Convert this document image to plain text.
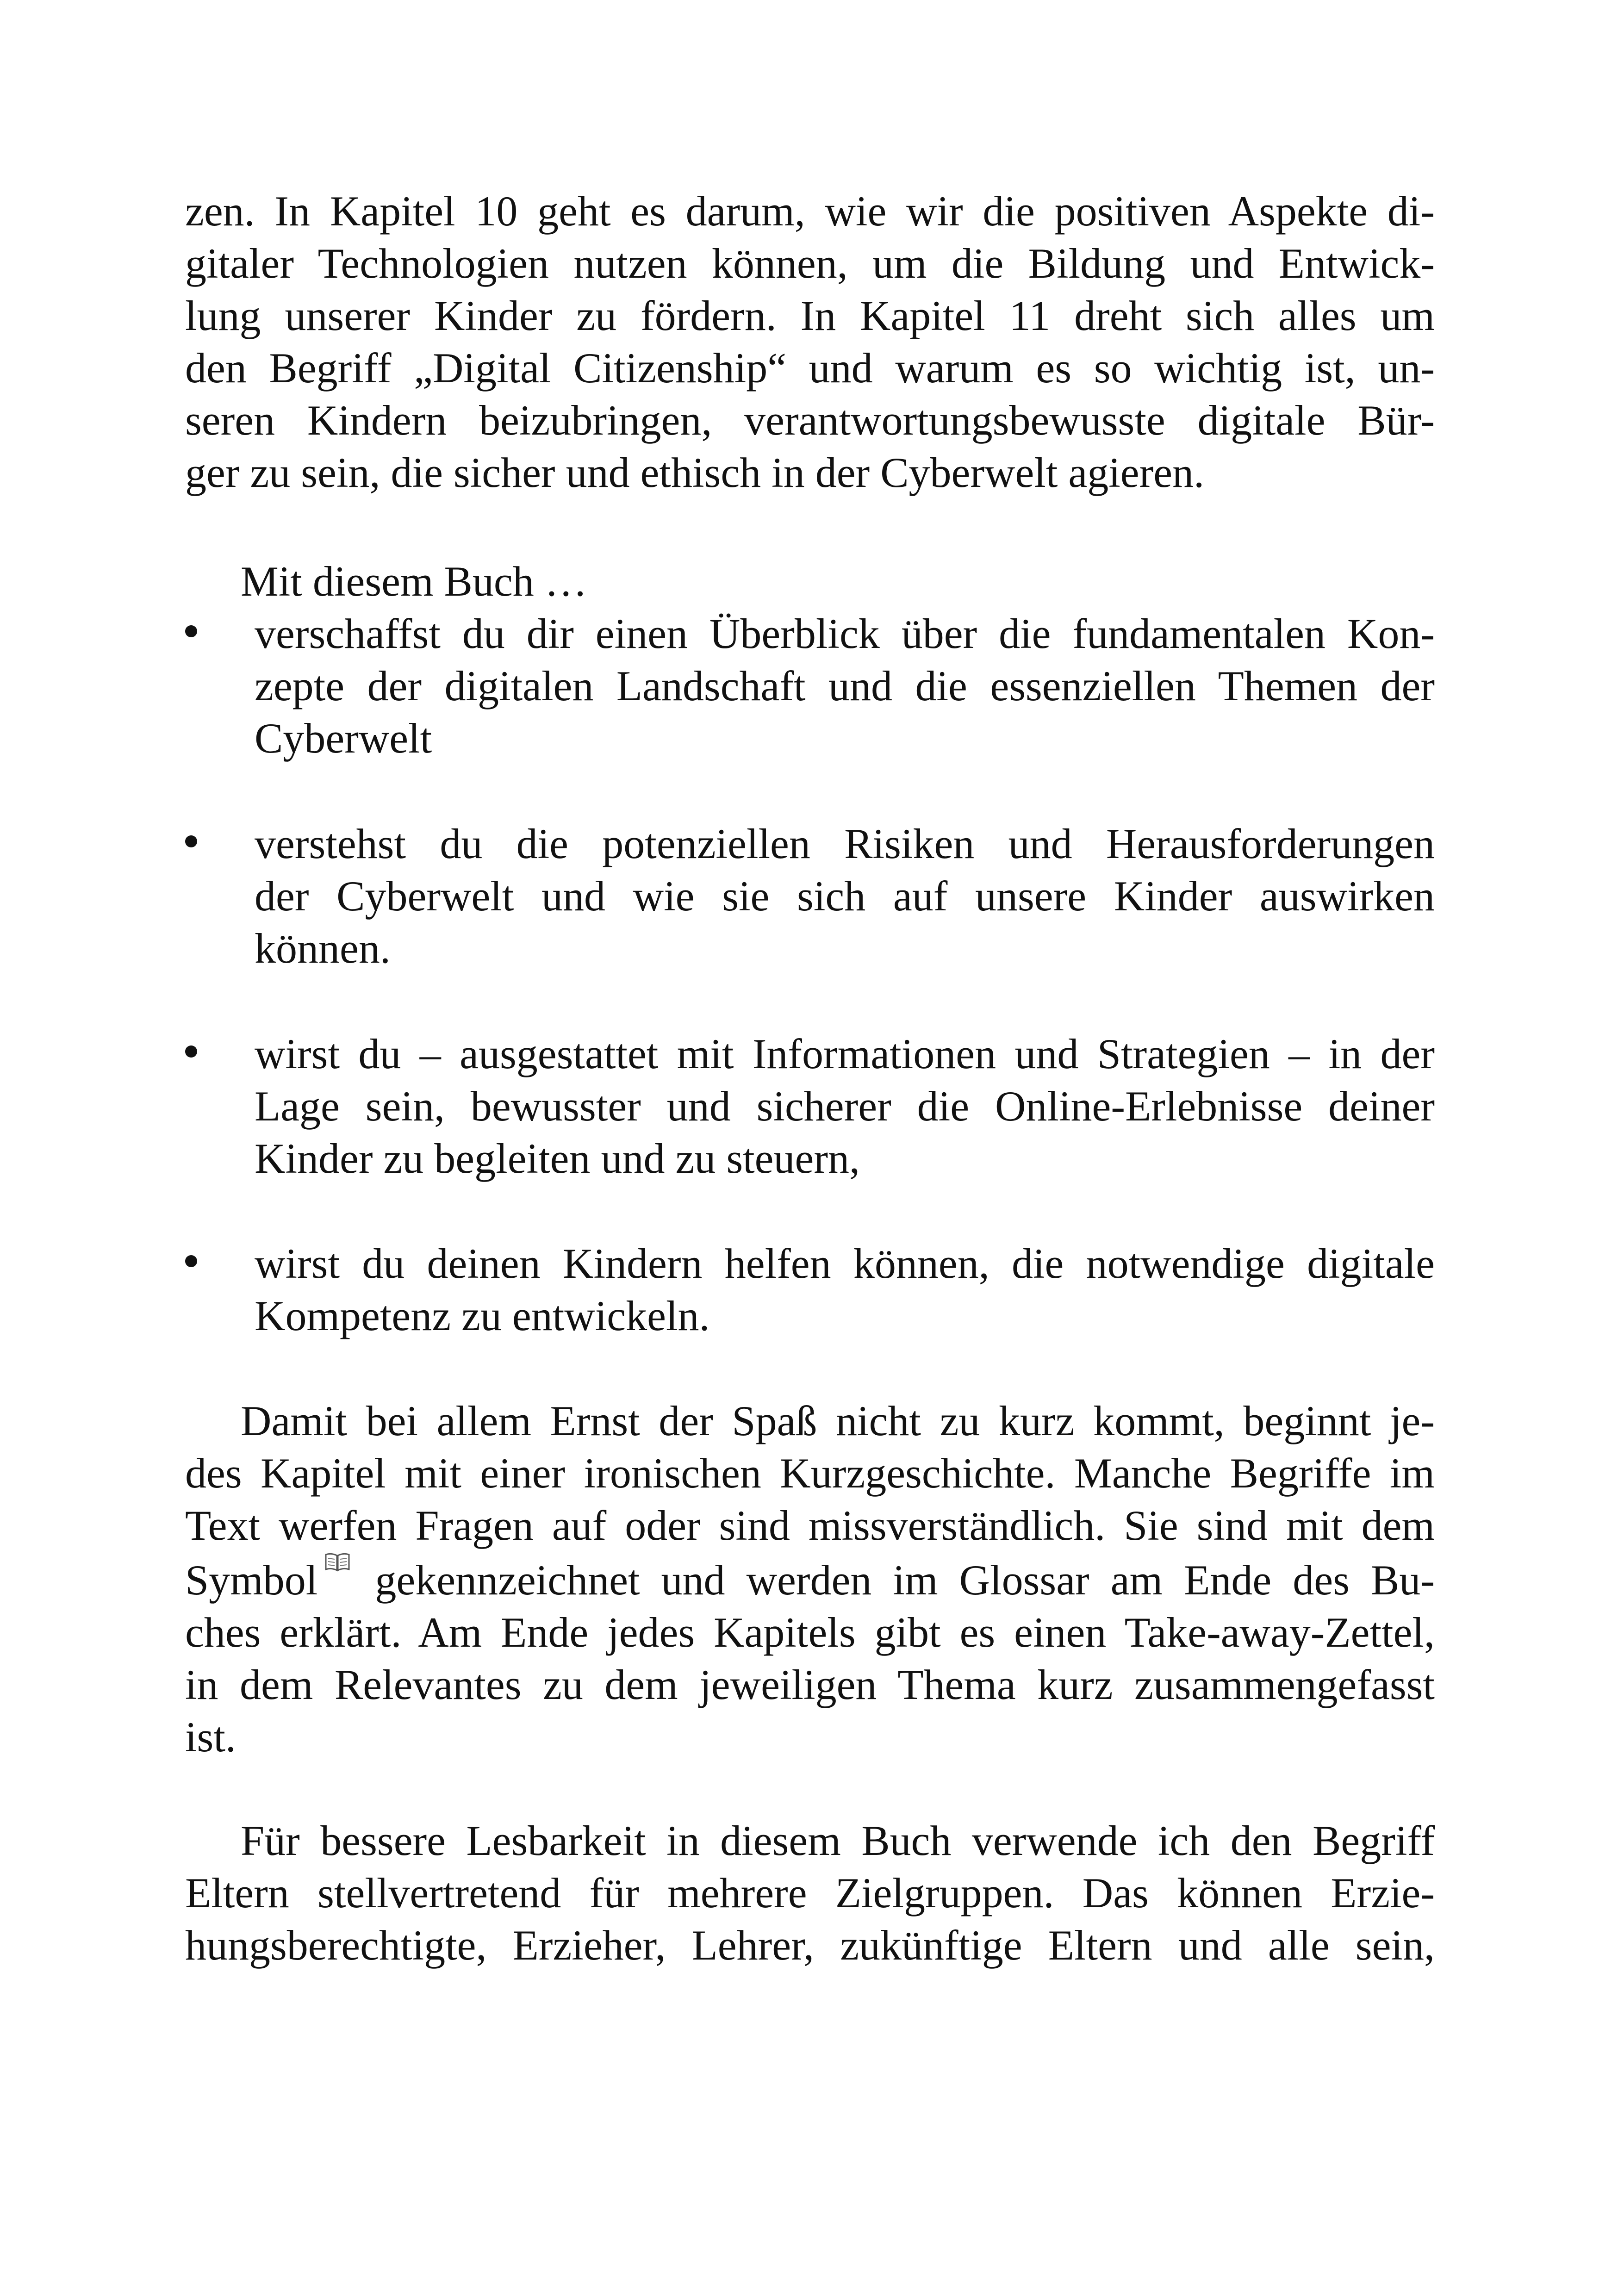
zen. In Kapitel 10 geht es darum, wie wir die positiven Aspekte di-
gitaler Technologien nutzen können, um die Bildung und Entwick-
lung unserer Kinder zu fördern. In Kapitel 11 dreht sich alles um
den Begriff „Digital Citizenship“ und warum es so wichtig ist, un-
seren Kindern beizubringen, verantwortungsbewusste digitale Bür-
ger zu sein, die sicher und ethisch in der Cyberwelt agieren.
Mit diesem Buch …
verschaffst du dir einen Überblick über die fundamentalen Kon-
zepte der digitalen Landschaft und die essenziellen Themen der
Cyberwelt
verstehst du die potenziellen Risiken und Herausforderungen
der Cyberwelt und wie sie sich auf unsere Kinder auswirken
können.
wirst du – ausgestattet mit Informationen und Strategien – in der
Lage sein, bewusster und sicherer die Online-Erlebnisse deiner
Kinder zu begleiten und zu steuern,
wirst du deinen Kindern helfen können, die notwendige digitale
Kompetenz zu entwickeln.
Damit bei allem Ernst der Spaß nicht zu kurz kommt, beginnt je-
des Kapitel mit einer ironischen Kurzgeschichte. Manche Begriffe im
Text werfen Fragen auf oder sind missverständlich. Sie sind mit dem
Symbol gekennzeichnet und werden im Glossar am Ende des Bu-
ches erklärt. Am Ende jedes Kapitels gibt es einen Take-away-Zettel,
in dem Relevantes zu dem jeweiligen Thema kurz zusammengefasst
ist.
Für bessere Lesbarkeit in diesem Buch verwende ich den Begriff
Eltern stellvertretend für mehrere Zielgruppen. Das können Erzie-
hungsberechtigte, Erzieher, Lehrer, zukünftige Eltern und alle sein,
